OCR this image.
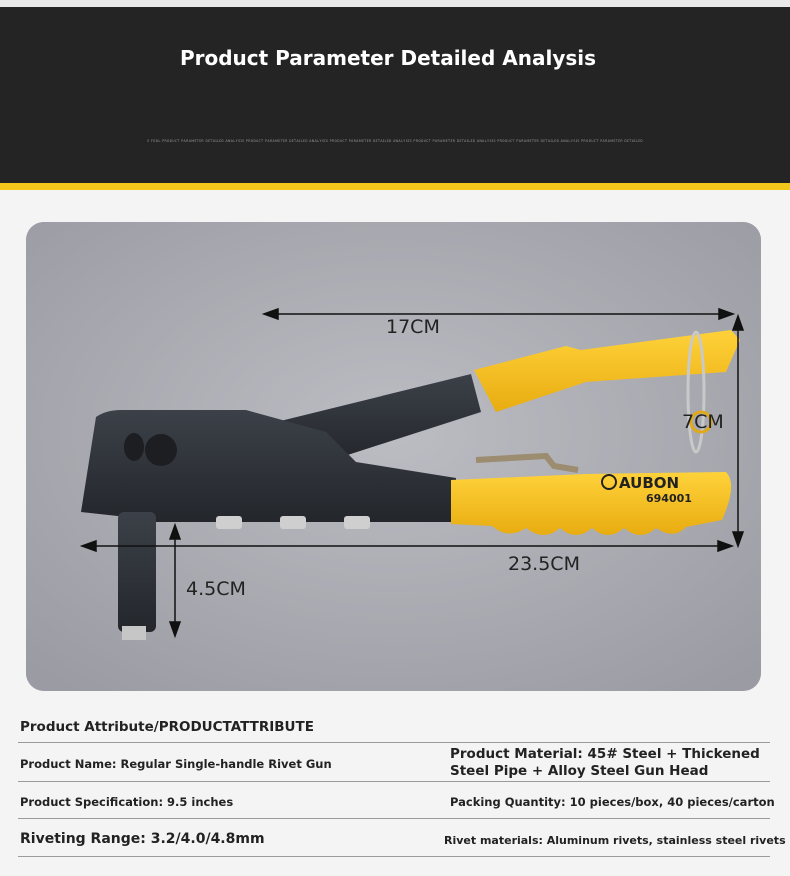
Product Parameter Detailed Analysis
ꜱ ꜰᴏᴏʟ ᴘʀᴏᴅᴜᴄᴛ ᴘᴀʀᴀᴍᴇᴛᴇʀ ᴅᴇᴛᴀɪʟᴇᴅ ᴀɴᴀʟʏꜱɪꜱ ᴘʀᴏᴅᴜᴄᴛ ᴘᴀʀᴀᴍᴇᴛᴇʀ ᴅᴇᴛᴀɪʟᴇᴅ ᴀɴᴀʟʏꜱɪꜱ ᴘʀᴏᴅᴜᴄᴛ ᴘᴀʀᴀᴍᴇᴛᴇʀ ᴅᴇᴛᴀɪʟᴇᴅ ᴀɴᴀʟʏꜱɪꜱ ᴘʀᴏᴅᴜᴄᴛ ᴘᴀʀᴀᴍᴇᴛᴇʀ ᴅᴇᴛᴀɪʟᴇᴅ ᴀɴᴀʟʏꜱɪꜱ ᴘʀᴏᴅᴜᴄᴛ ᴘᴀʀᴀᴍᴇᴛᴇʀ ᴅᴇᴛᴀɪʟᴇᴅ ᴀɴᴀʟʏꜱɪꜱ ᴘʀᴏᴅᴜᴄᴛ ᴘᴀʀᴀᴍᴇᴛᴇʀ ᴅᴇᴛᴀɪʟᴇᴅ
17CM
7CM
23.5CM
4.5CM
AUBON
694001
Product Attribute/PRODUCTATTRIBUTE
Product Name: Regular Single-handle Rivet Gun
Product Material: 45# Steel + Thickened Steel Pipe + Alloy Steel Gun Head
Product Specification: 9.5 inches	Packing Quantity: 10 pieces/box, 40 pieces/carton
Riveting Range: 3.2/4.0/4.8mm	Rivet materials: Aluminum rivets, stainless steel rivets
